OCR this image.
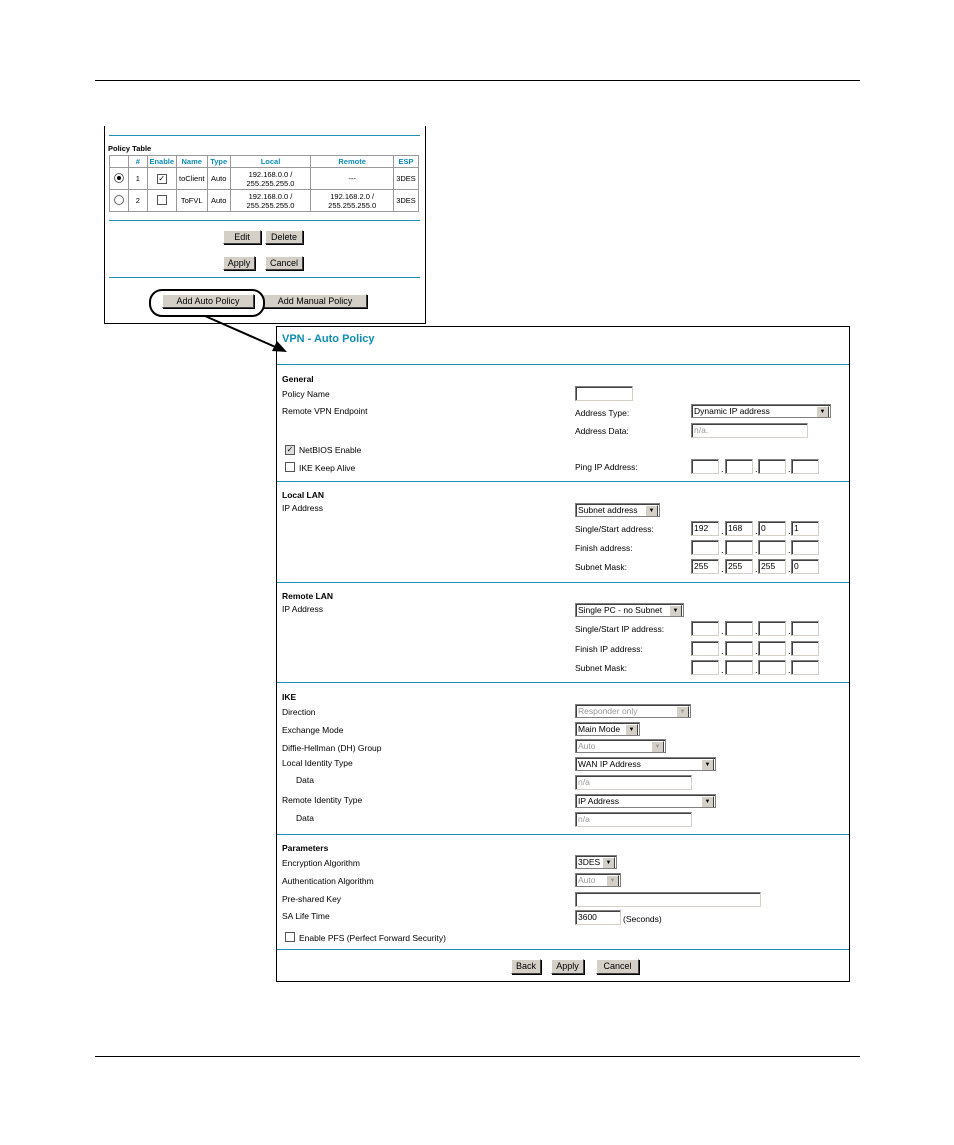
Policy Table
	#	Enable	Name	Type	Local	Remote	ESP
	1	✓	toClient	Auto	192.168.0.0 / 255.255.255.0	---	3DES
	2		ToFVL	Auto	192.168.0.0 / 255.255.255.0	192.168.2.0 / 255.255.255.0	3DES
Edit	Delete
Apply	Cancel
Add Auto Policy	Add Manual Policy
VPN - Auto Policy
General
Policy Name
Remote VPN Endpoint	Address Type:	Dynamic IP address	▼
Address Data:	n/a.
✓ NetBIOS Enable
IKE Keep Alive	Ping IP Address:	.	.	.
Local LAN
IP Address	Subnet address	▼
Single/Start address:	192	. 168	. 0	. 1
Finish address:	.	.	.
Subnet Mask:	255	. 255	. 255	. 0
Remote LAN
IP Address	Single PC - no Subnet	▼
Single/Start IP address:	.	.	.
Finish IP address:	.	.	.
Subnet Mask:	.	.	.
IKE
Direction	Responder only	▼
Exchange Mode	Main Mode	▼
Diffie-Hellman (DH) Group	Auto	▼
Local Identity Type	WAN IP Address	▼
Data	n/a
Remote Identity Type	IP Address	▼
Data	n/a
Parameters
Encryption Algorithm	3DES ▼
Authentication Algorithm	Auto	▼
Pre-shared Key
SA Life Time	3600	(Seconds)
Enable PFS (Perfect Forward Security)
Back	Apply	Cancel
